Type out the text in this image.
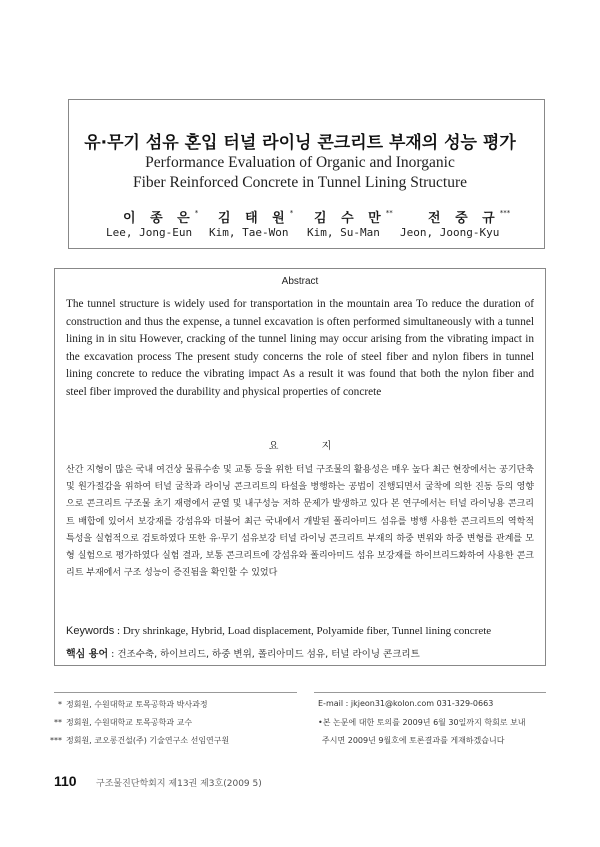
유·무기 섬유 혼입 터널 라이닝 콘크리트 부재의 성능 평가
Performance Evaluation of Organic and Inorganic
Fiber Reinforced Concrete in Tunnel Lining Structure
이 종 은* 김 태 원* 김 수 만**	전 중 규***
Lee, Jong-Eun Kim, Tae-Won Kim, Su-Man Jeon, Joong-Kyu
Abstract
The tunnel structure is widely used for transportation in the mountain area To reduce the duration of construction and thus the expense, a tunnel excavation is often performed simultaneously with a tunnel lining in in situ However, cracking of the tunnel lining may occur arising from the vibrating impact in the excavation process The present study concerns the role of steel fiber and nylon fibers in tunnel lining concrete to reduce the vibrating impact As a result it was found that both the nylon fiber and steel fiber improved the durability and physical properties of concrete
요 지
산간 지형이 많은 국내 여건상 물류수송 및 교통 등을 위한 터널 구조물의 활용성은 매우 높다 최근 현장에서는 공기단축 및 원가절감을 위하여 터널 굴착과 라이닝 콘크리트의 타설을 병행하는 공법이 진행되면서 굴착에 의한 진동 등의 영향으로 콘크리트 구조물 초기 재령에서 균열 및 내구성능 저하 문제가 발생하고 있다 본 연구에서는 터널 라이닝용 콘크리트 배합에 있어서 보강재를 강섬유와 더불어 최근 국내에서 개발된 폴리아미드 섬유를 병행 사용한 콘크리트의 역학적 특성을 실험적으로 검토하였다 또한 유·무기 섬유보강 터널 라이닝 콘크리트 부재의 하중 변위와 하중 변형를 관계를 모형 실험으로 평가하였다 실험 결과, 보통 콘크리트에 강섬유와 폴리아미드 섬유 보강재를 하이브리드화하여 사용한 콘크리트 부재에서 구조 성능이 증진됨을 확인할 수 있었다
Keywords : Dry shrinkage, Hybrid, Load displacement, Polyamide fiber, Tunnel lining concrete
핵심 용어 : 건조수축, 하이브리드, 하중 변위, 폴리아미드 섬유, 터널 라이닝 콘크리트
* 정회원, 수원대학교 토목공학과 박사과정
** 정회원, 수원대학교 토목공학과 교수
*** 정회원, 코오롱건설(주) 기술연구소 선임연구원
E-mail : jkjeon31@kolon.com 031-329-0663
•본 논문에 대한 토의를 2009년 6월 30일까지 학회로 보내
주시면 2009년 9월호에 토론결과를 게재하겠습니다
110 구조물진단학회지 제13권 제3호(2009 5)
